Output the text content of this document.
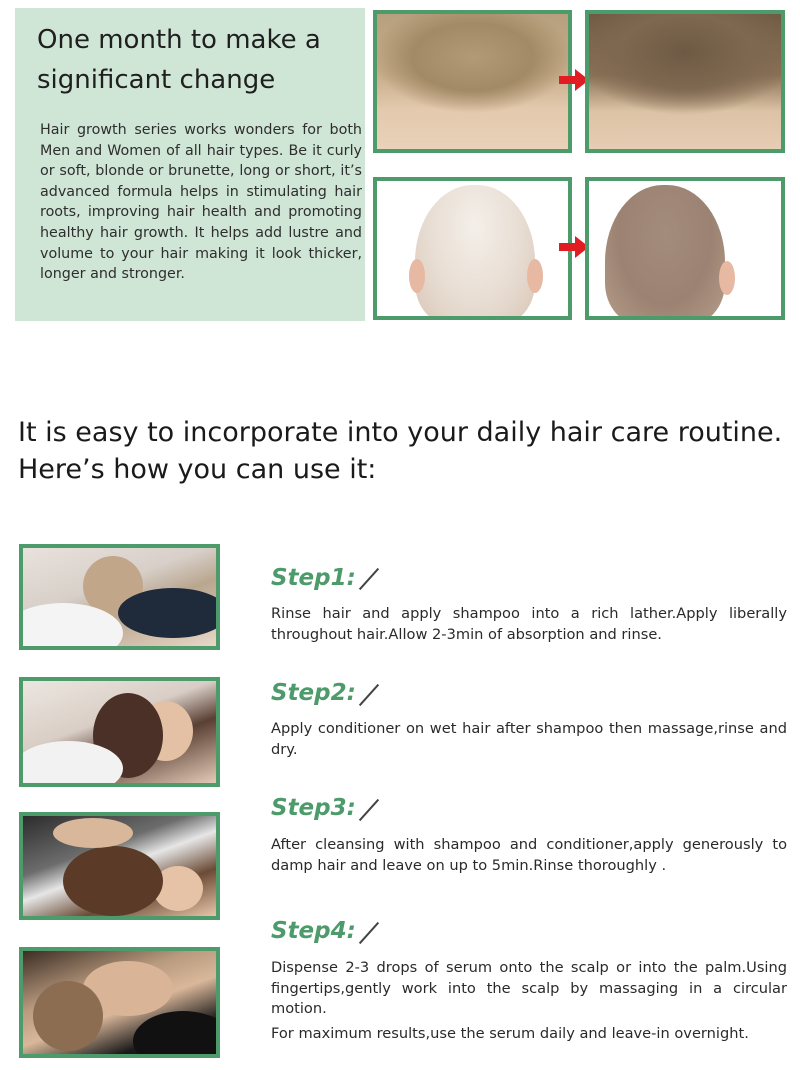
One month to make a significant change
Hair growth series works wonders for both Men and Women of all hair types. Be it curly or soft, blonde or brunette, long or short, it’s advanced formula helps in stimulating hair roots, improving hair health and promoting healthy hair growth. It helps add lustre and volume to your hair making it look thicker, longer and stronger.
It is easy to incorporate into your daily hair care routine. Here’s how you can use it:
Step1:
Rinse hair and apply shampoo into a rich lather.Apply liberally throughout hair.Allow 2-3min of absorption and rinse.
Step2:
Apply conditioner on wet hair after shampoo then massage,rinse and dry.
Step3:
After cleansing with shampoo and conditioner,apply generously to damp hair and leave on up to 5min.Rinse thoroughly .
Step4:
Dispense 2-3 drops of serum onto the scalp or into the palm.Using fingertips,gently work into the scalp by massaging in a circular motion.
For maximum results,use the serum daily and leave-in overnight.
